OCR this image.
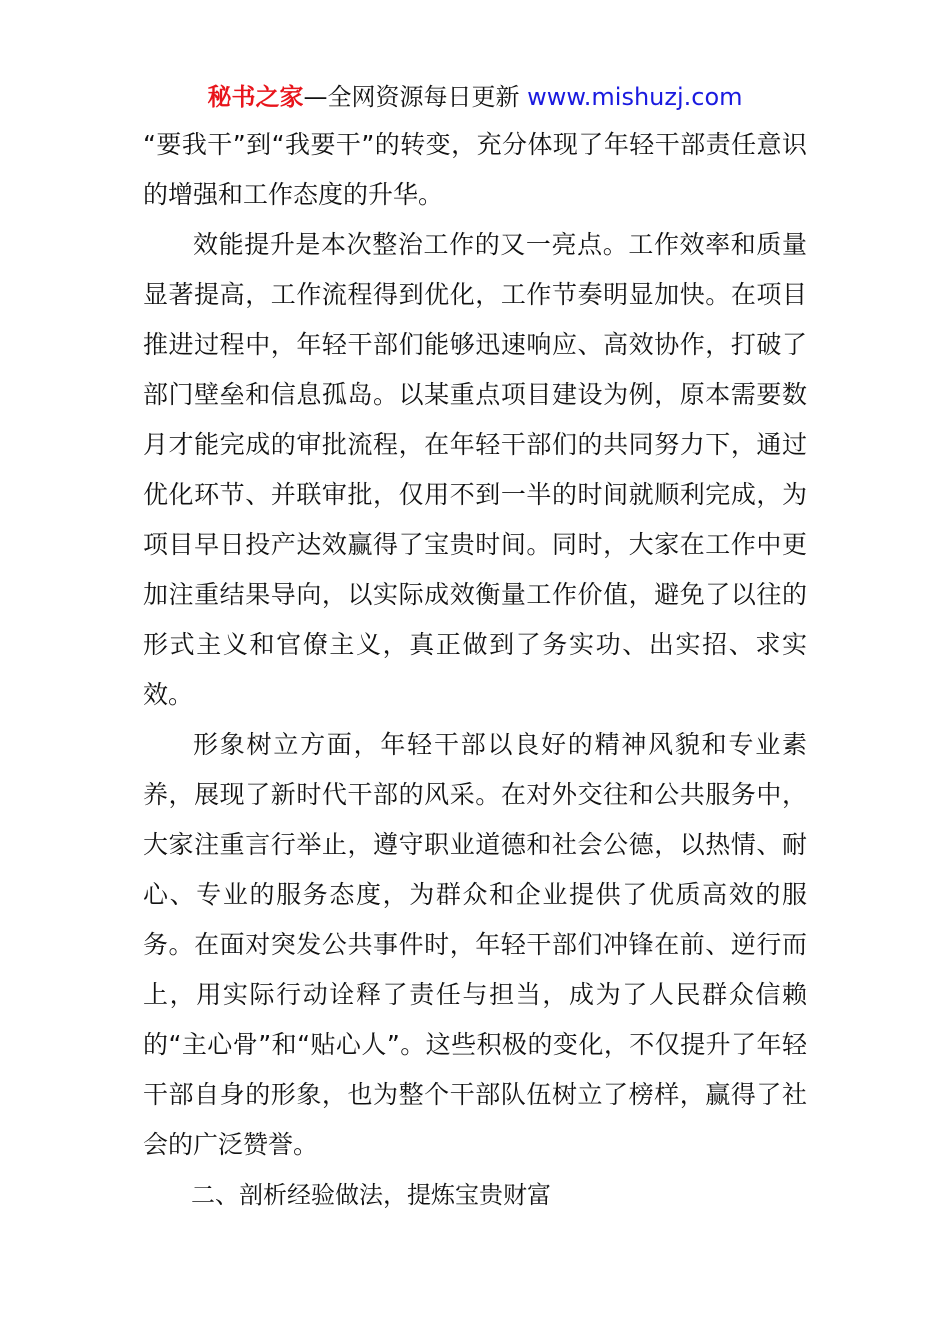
秘书之家—全网资源每日更新 www.mishuzj.com

“要我干”到“我要干”的转变，充分体现了年轻干部责任意识的增强和工作态度的升华。

效能提升是本次整治工作的又一亮点。工作效率和质量显著提高，工作流程得到优化，工作节奏明显加快。在项目推进过程中，年轻干部们能够迅速响应、高效协作，打破了部门壁垒和信息孤岛。以某重点项目建设为例，原本需要数月才能完成的审批流程，在年轻干部们的共同努力下，通过优化环节、并联审批，仅用不到一半的时间就顺利完成，为项目早日投产达效赢得了宝贵时间。同时，大家在工作中更加注重结果导向，以实际成效衡量工作价值，避免了以往的形式主义和官僚主义，真正做到了务实功、出实招、求实效。

形象树立方面，年轻干部以良好的精神风貌和专业素养，展现了新时代干部的风采。在对外交往和公共服务中，大家注重言行举止，遵守职业道德和社会公德，以热情、耐心、专业的服务态度，为群众和企业提供了优质高效的服务。在面对突发公共事件时，年轻干部们冲锋在前、逆行而上，用实际行动诠释了责任与担当，成为了人民群众信赖的“主心骨”和“贴心人”。这些积极的变化，不仅提升了年轻干部自身的形象，也为整个干部队伍树立了榜样，赢得了社会的广泛赞誉。

二、剖析经验做法，提炼宝贵财富
